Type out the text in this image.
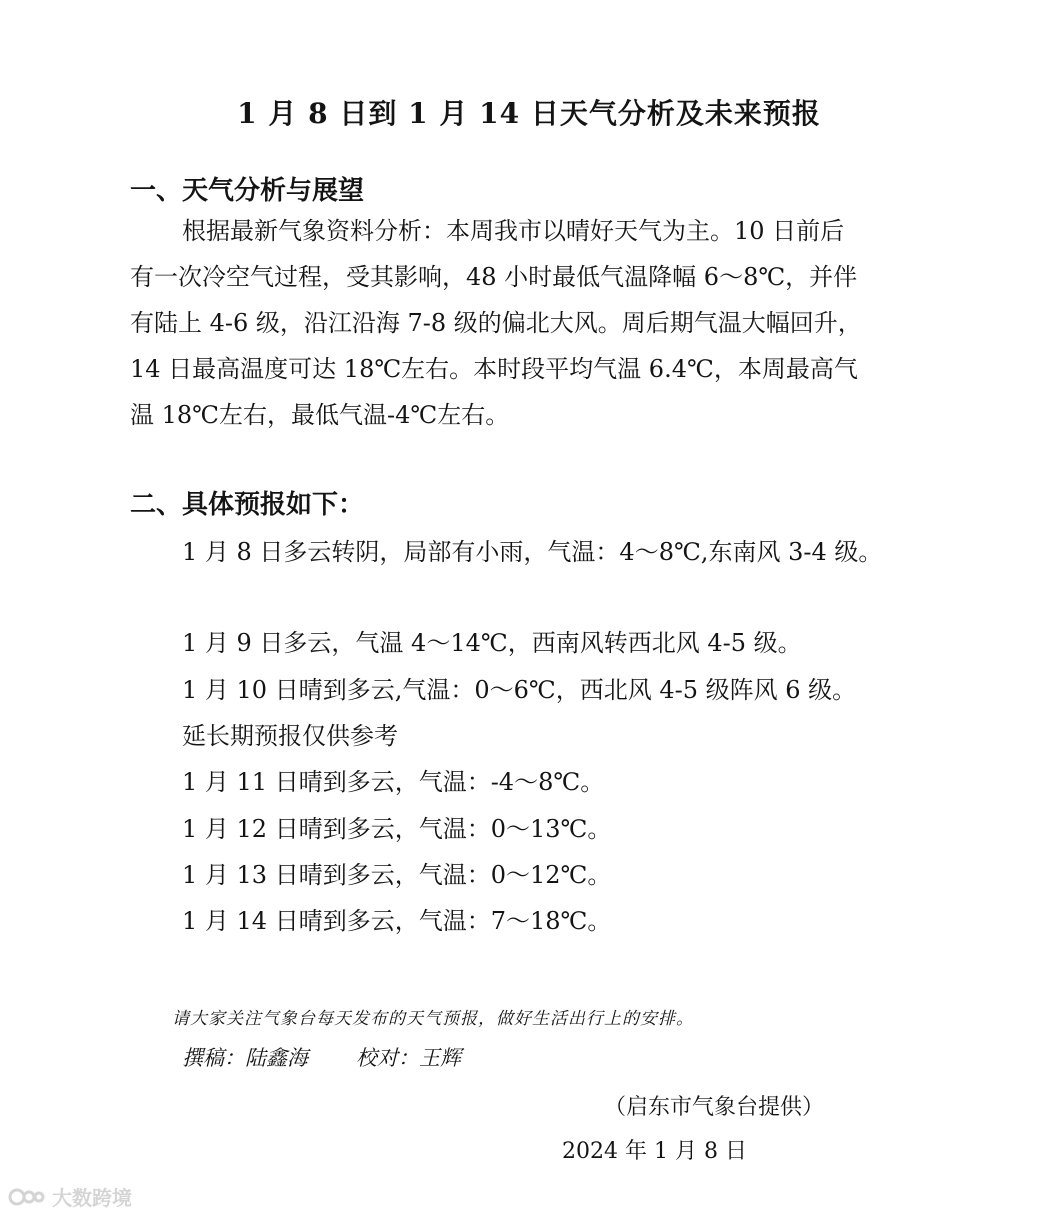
1 月 8 日到 1 月 14 日天气分析及未来预报
一、天气分析与展望
根据最新气象资料分析：本周我市以晴好天气为主。10 日前后
有一次冷空气过程，受其影响，48 小时最低气温降幅 6～8℃，并伴
有陆上 4-6 级，沿江沿海 7-8 级的偏北大风。周后期气温大幅回升，
14 日最高温度可达 18℃左右。本时段平均气温 6.4℃，本周最高气
温 18℃左右，最低气温-4℃左右。
二、具体预报如下：
1 月 8 日多云转阴，局部有小雨，气温：4～8℃,东南风 3-4 级。
1 月 9 日多云，气温 4～14℃，西南风转西北风 4-5 级。
1 月 10 日晴到多云,气温：0～6℃，西北风 4-5 级阵风 6 级。
延长期预报仅供参考
1 月 11 日晴到多云，气温：-4～8℃。
1 月 12 日晴到多云，气温：0～13℃。
1 月 13 日晴到多云，气温：0～12℃。
1 月 14 日晴到多云，气温：7～18℃。
请大家关注气象台每天发布的天气预报，做好生活出行上的安排。
撰稿：陆鑫海 校对：王辉
（启东市气象台提供）
2024 年 1 月 8 日
大数跨境
